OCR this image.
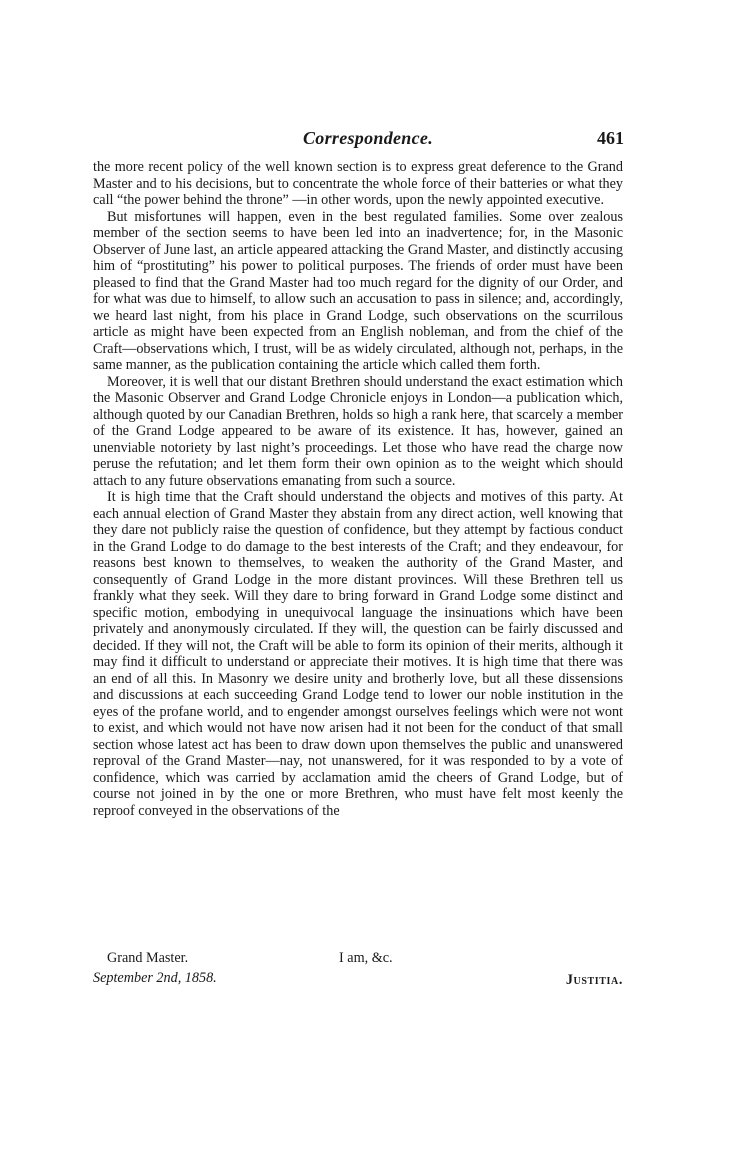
Correspondence.	461

the more recent policy of the well known section is to express great deference to the Grand Master and to his decisions, but to concentrate the whole force of their batteries or what they call “the power behind the throne” —in other words, upon the newly appointed executive.

But misfortunes will happen, even in the best regulated families. Some over zealous member of the section seems to have been led into an inadvertence; for, in the Masonic Observer of June last, an article appeared attacking the Grand Master, and distinctly accusing him of “prostituting” his power to political purposes. The friends of order must have been pleased to find that the Grand Master had too much regard for the dignity of our Order, and for what was due to himself, to allow such an accusation to pass in silence; and, accordingly, we heard last night, from his place in Grand Lodge, such observations on the scurrilous article as might have been expected from an English nobleman, and from the chief of the Craft—observations which, I trust, will be as widely circulated, although not, perhaps, in the same manner, as the publication containing the article which called them forth.

Moreover, it is well that our distant Brethren should understand the exact estimation which the Masonic Observer and Grand Lodge Chronicle enjoys in London—a publication which, although quoted by our Canadian Brethren, holds so high a rank here, that scarcely a member of the Grand Lodge appeared to be aware of its existence. It has, however, gained an unenviable notoriety by last night’s proceedings. Let those who have read the charge now peruse the refutation; and let them form their own opinion as to the weight which should attach to any future observations emanating from such a source.

It is high time that the Craft should understand the objects and motives of this party. At each annual election of Grand Master they abstain from any direct action, well knowing that they dare not publicly raise the question of confidence, but they attempt by factious conduct in the Grand Lodge to do damage to the best interests of the Craft; and they endeavour, for reasons best known to themselves, to weaken the authority of the Grand Master, and consequently of Grand Lodge in the more distant provinces. Will these Brethren tell us frankly what they seek. Will they dare to bring forward in Grand Lodge some distinct and specific motion, embodying in unequivocal language the insinuations which have been privately and anonymously circulated. If they will, the question can be fairly discussed and decided. If they will not, the Craft will be able to form its opinion of their merits, although it may find it difficult to understand or appreciate their motives. It is high time that there was an end of all this. In Masonry we desire unity and brotherly love, but all these dissensions and discussions at each succeeding Grand Lodge tend to lower our noble institution in the eyes of the profane world, and to engender amongst ourselves feelings which were not wont to exist, and which would not have now arisen had it not been for the conduct of that small section whose latest act has been to draw down upon themselves the public and unanswered reproval of the Grand Master—nay, not unanswered, for it was responded to by a vote of confidence, which was carried by acclamation amid the cheers of Grand Lodge, but of course not joined in by the one or more Brethren, who must have felt most keenly the reproof conveyed in the observations of the

Grand Master.	I am, &c.
September 2nd, 1858.	Justitia.
